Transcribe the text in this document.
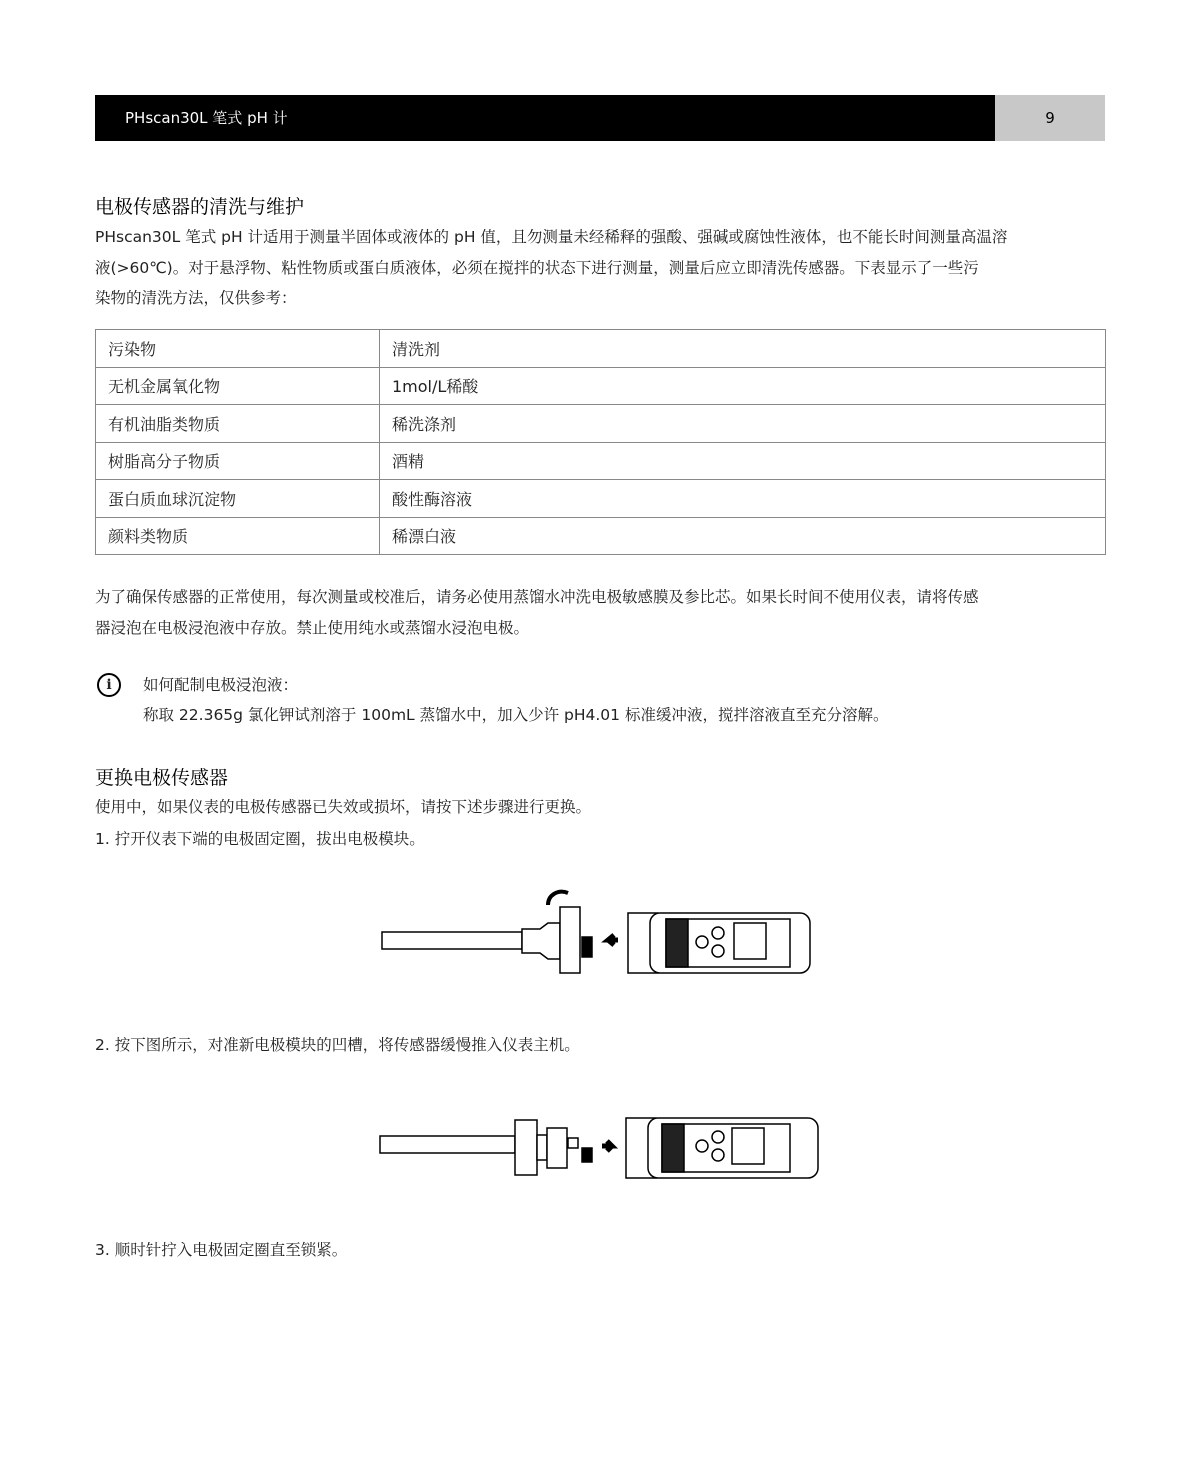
PHscan30L 笔式 pH 计	9
电极传感器的清洗与维护
PHscan30L 笔式 pH 计适用于测量半固体或液体的 pH 值，且勿测量未经稀释的强酸、强碱或腐蚀性液体，也不能长时间测量高温溶
液(>60℃)。对于悬浮物、粘性物质或蛋白质液体，必须在搅拌的状态下进行测量，测量后应立即清洗传感器。下表显示了一些污
染物的清洗方法，仅供参考：
污染物	清洗剂
无机金属氧化物	1mol/L稀酸
有机油脂类物质	稀洗涤剂
树脂高分子物质	酒精
蛋白质血球沉淀物	酸性酶溶液
颜料类物质	稀漂白液
为了确保传感器的正常使用，每次测量或校准后，请务必使用蒸馏水冲洗电极敏感膜及参比芯。如果长时间不使用仪表，请将传感
器浸泡在电极浸泡液中存放。禁止使用纯水或蒸馏水浸泡电极。
i	如何配制电极浸泡液：
称取 22.365g 氯化钾试剂溶于 100mL 蒸馏水中，加入少许 pH4.01 标准缓冲液，搅拌溶液直至充分溶解。
更换电极传感器
使用中，如果仪表的电极传感器已失效或损坏，请按下述步骤进行更换。
1. 拧开仪表下端的电极固定圈，拔出电极模块。
2. 按下图所示，对准新电极模块的凹槽，将传感器缓慢推入仪表主机。
3. 顺时针拧入电极固定圈直至锁紧。
